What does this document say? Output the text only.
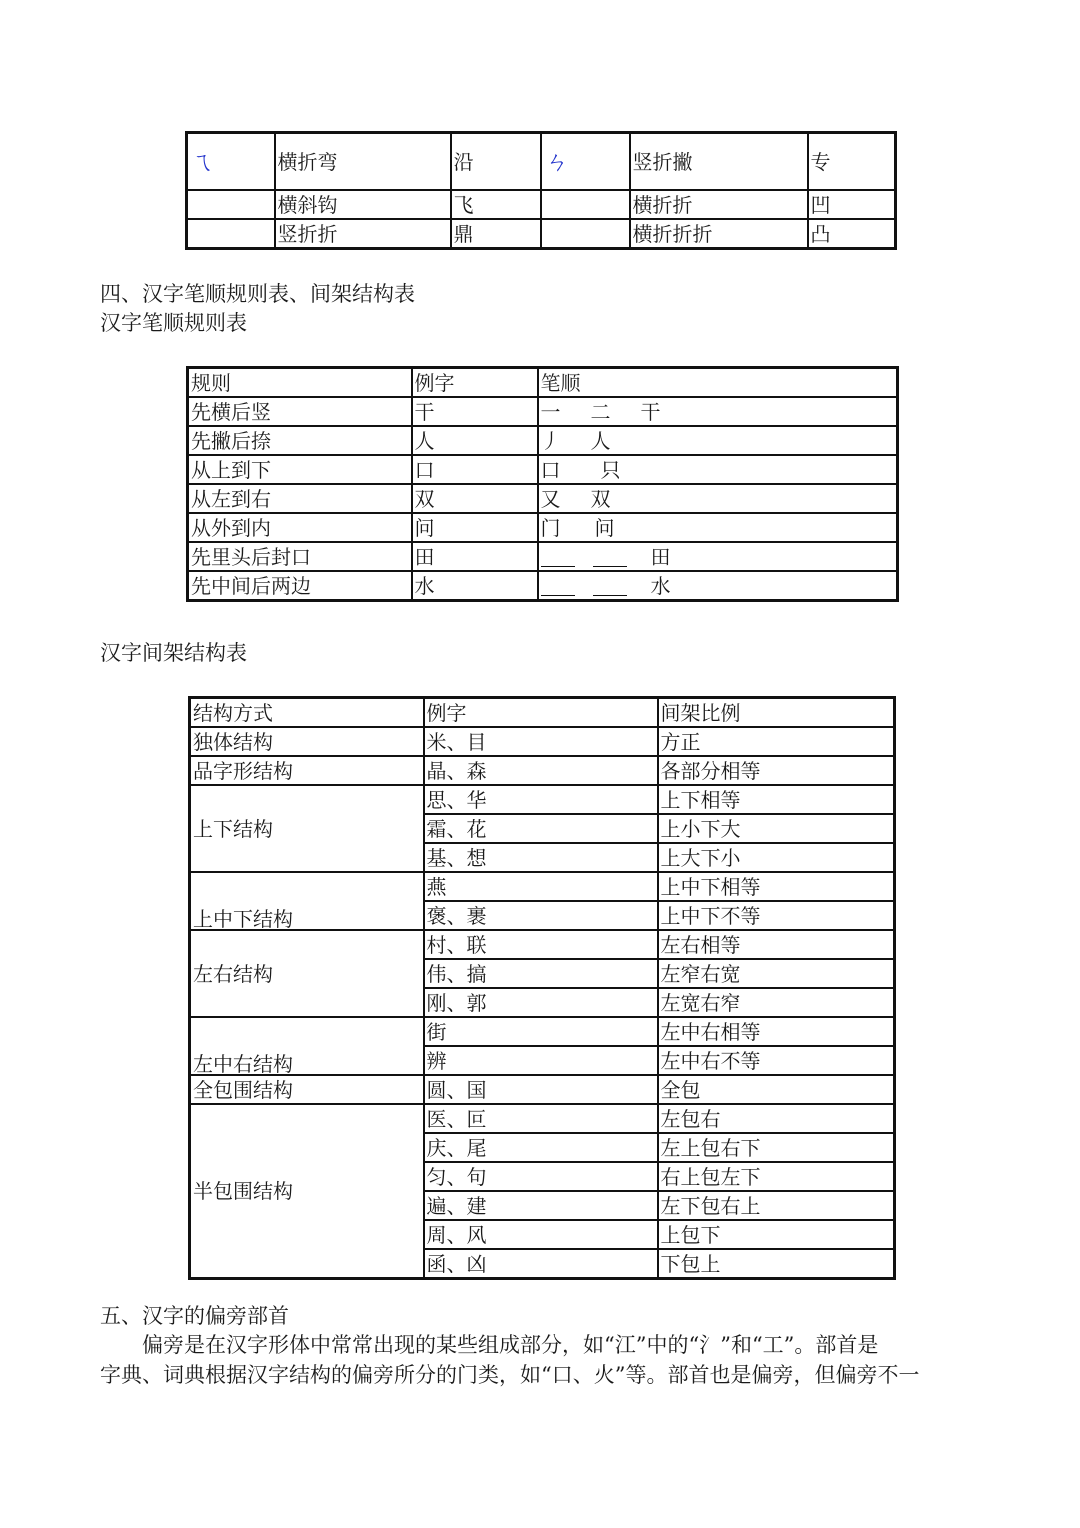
ㄟ	横折弯	沿	ㄣ	竖折撇	专
	横斜钩	飞		横折折	凹
	竖折折	鼎		横折折折	凸
四、汉字笔顺规则表、间架结构表
汉字笔顺规则表
规则	例字	笔顺
先横后竖	干	一 二 干
先撇后捺	人	丿 人
从上到下	口	口 只
从左到右	双	又 双
从外到内	问	门 问
先里头后封口	田	田
先中间后两边	水	水
汉字间架结构表
结构方式	例字	间架比例
独体结构	米、目	方正
品字形结构	晶、森	各部分相等
上下结构	思、华	上下相等
	霜、花	上小下大
	基、想	上大下小
上中下结构	燕	上中下相等
	褒、裹	上中下不等
左右结构	村、联	左右相等
	伟、搞	左窄右宽
	刚、郭	左宽右窄
左中右结构	街	左中右相等
	辨	左中右不等
全包围结构	圆、国	全包
半包围结构	医、叵	左包右
	庆、尾	左上包右下
	匀、句	右上包左下
	遍、建	左下包右上
	周、风	上包下
	函、凶	下包上
五、汉字的偏旁部首
偏旁是在汉字形体中常常出现的某些组成部分，如“江”中的“氵”和“工”。部首是
字典、词典根据汉字结构的偏旁所分的门类，如“口、火”等。部首也是偏旁，但偏旁不一
